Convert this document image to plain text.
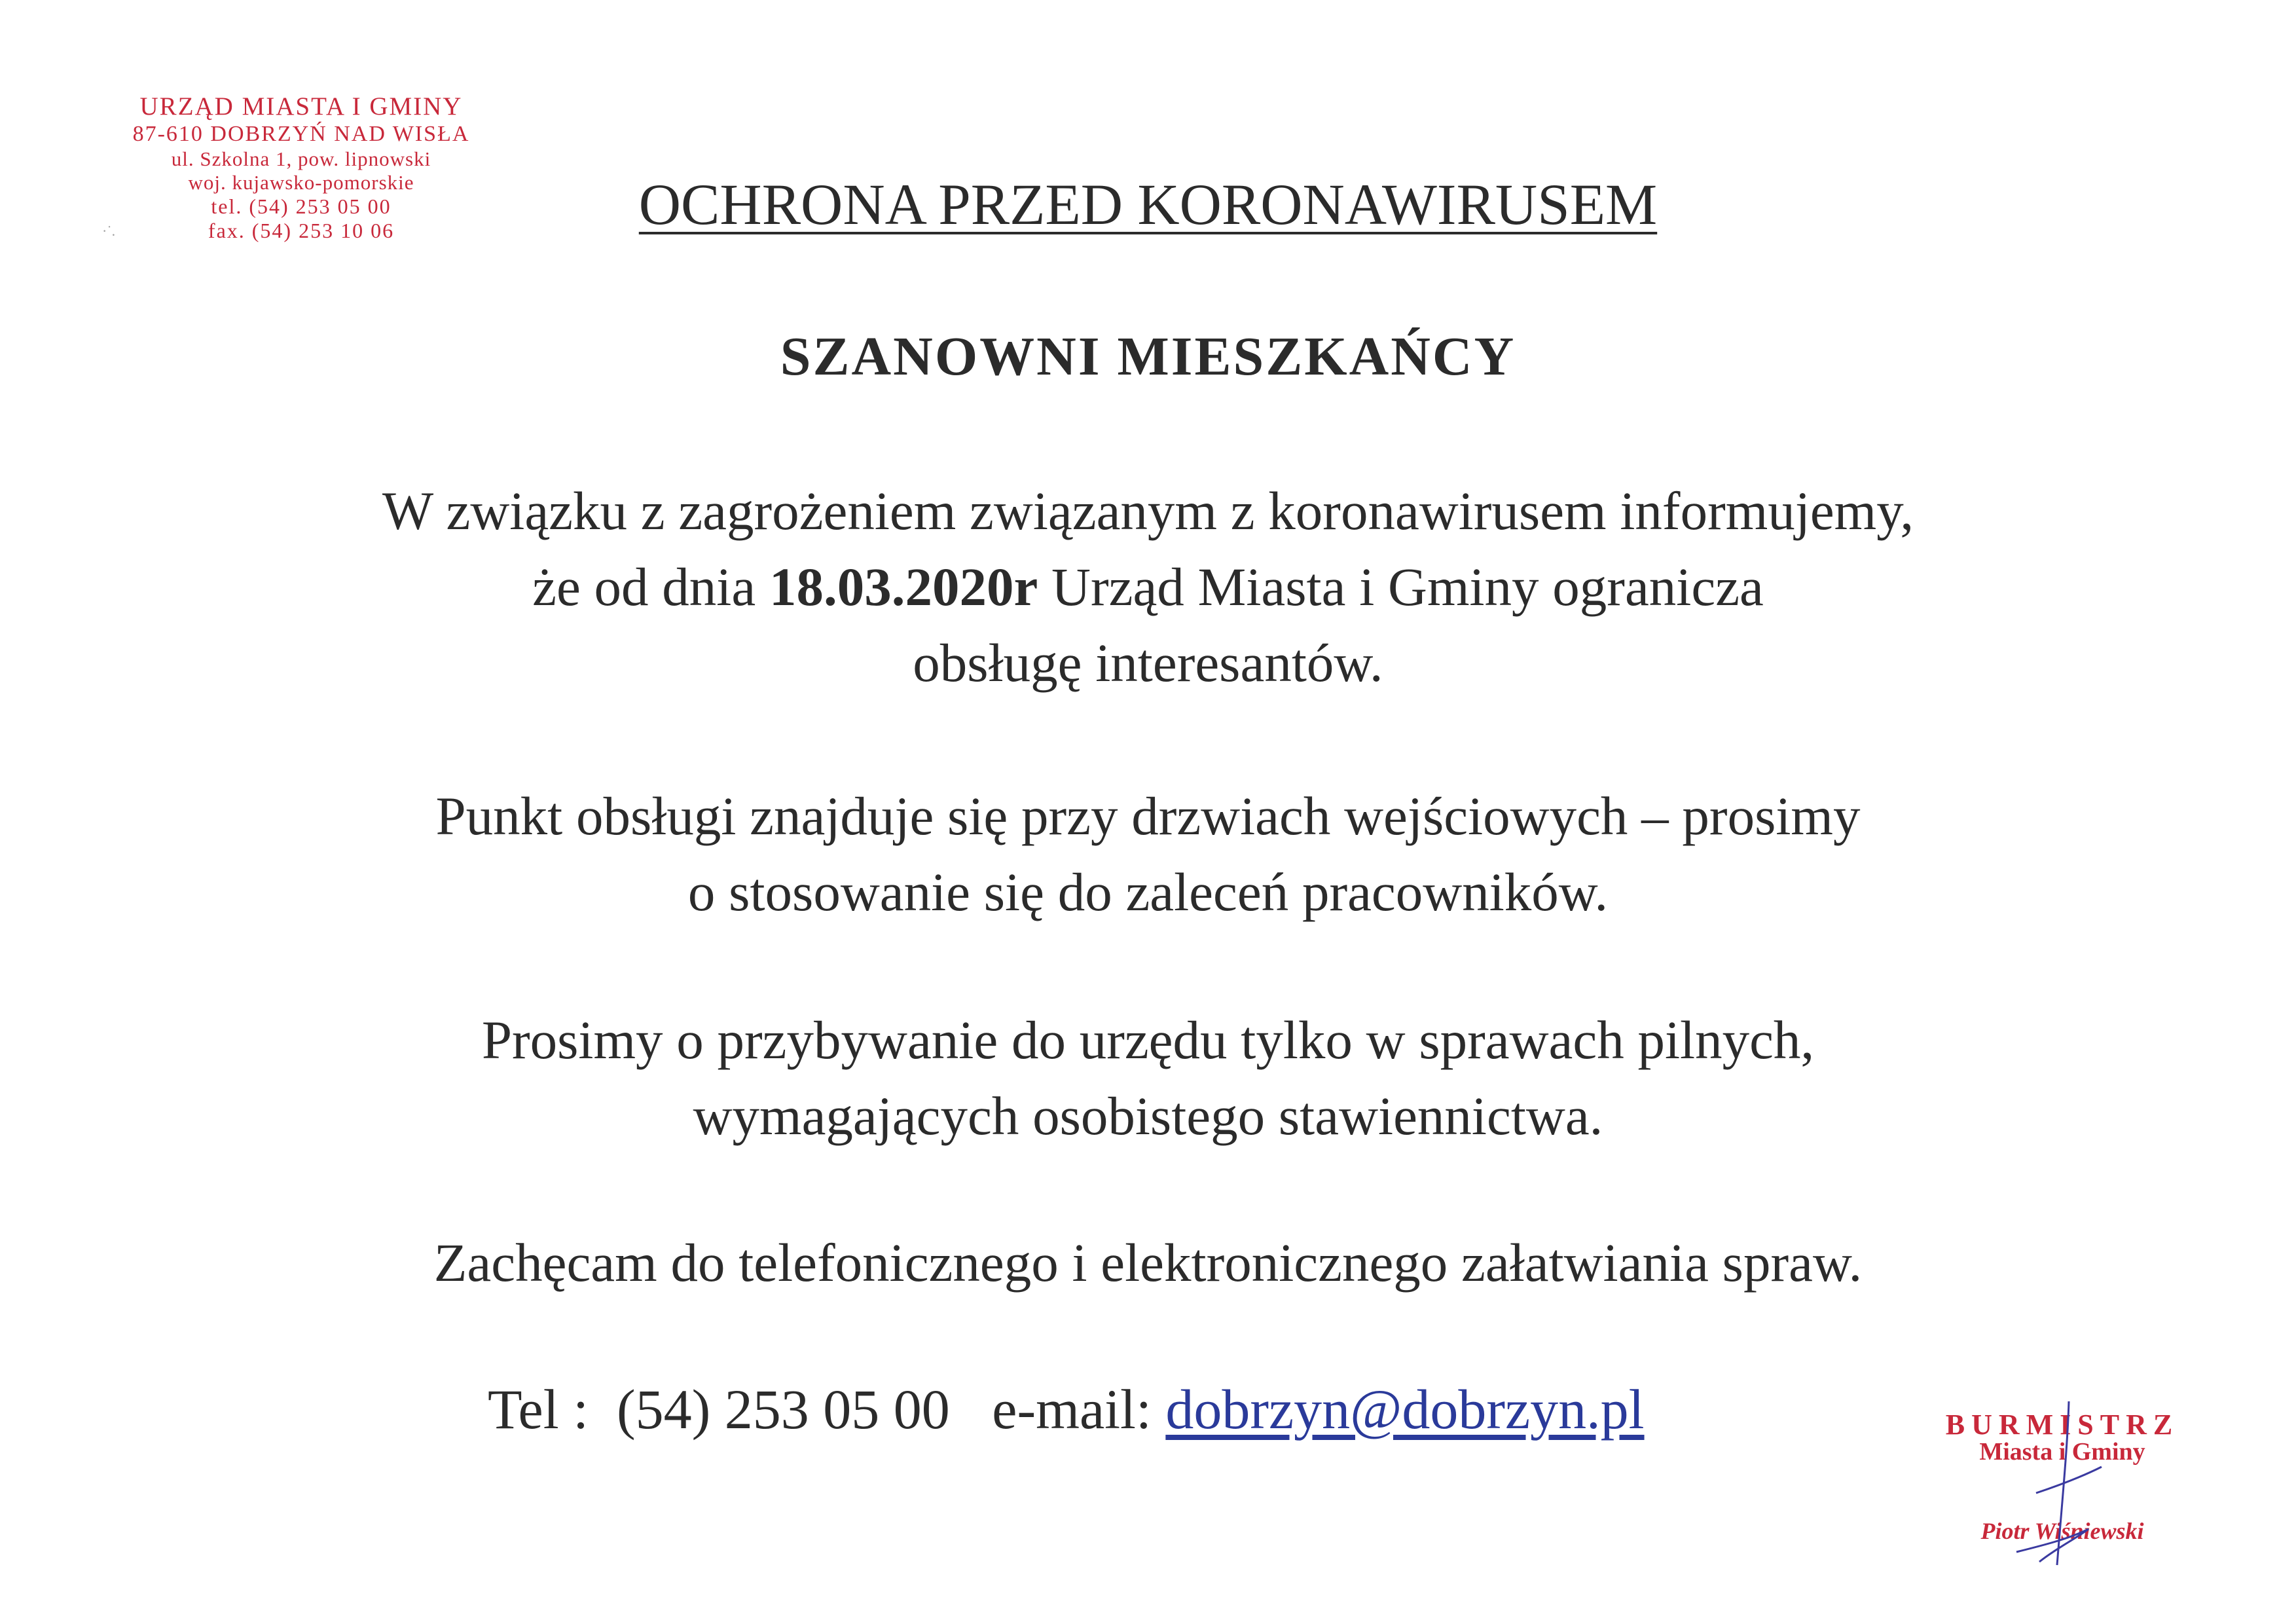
URZĄD MIASTA I GMINY
87-610 DOBRZYŃ NAD WISŁA
ul. Szkolna 1, pow. lipnowski
woj. kujawsko-pomorskie
tel. (54) 253 05 00
fax. (54) 253 10 06
·˙.	OCHRONA PRZED KORONAWIRUSEM
SZANOWNI MIESZKAŃCY
W związku z zagrożeniem związanym z koronawirusem informujemy,
że od dnia 18.03.2020r Urząd Miasta i Gminy ogranicza
obsługę interesantów.
Punkt obsługi znajduje się przy drzwiach wejściowych – prosimy
o stosowanie się do zaleceń pracowników.
Prosimy o przybywanie do urzędu tylko w sprawach pilnych,
wymagających osobistego stawiennictwa.
Zachęcam do telefonicznego i elektronicznego załatwiania spraw.
Tel :  (54) 253 05 00   e-mail: dobrzyn@dobrzyn.pl	BURMISTRZ
Miasta i Gminy
Piotr Wiśniewski
